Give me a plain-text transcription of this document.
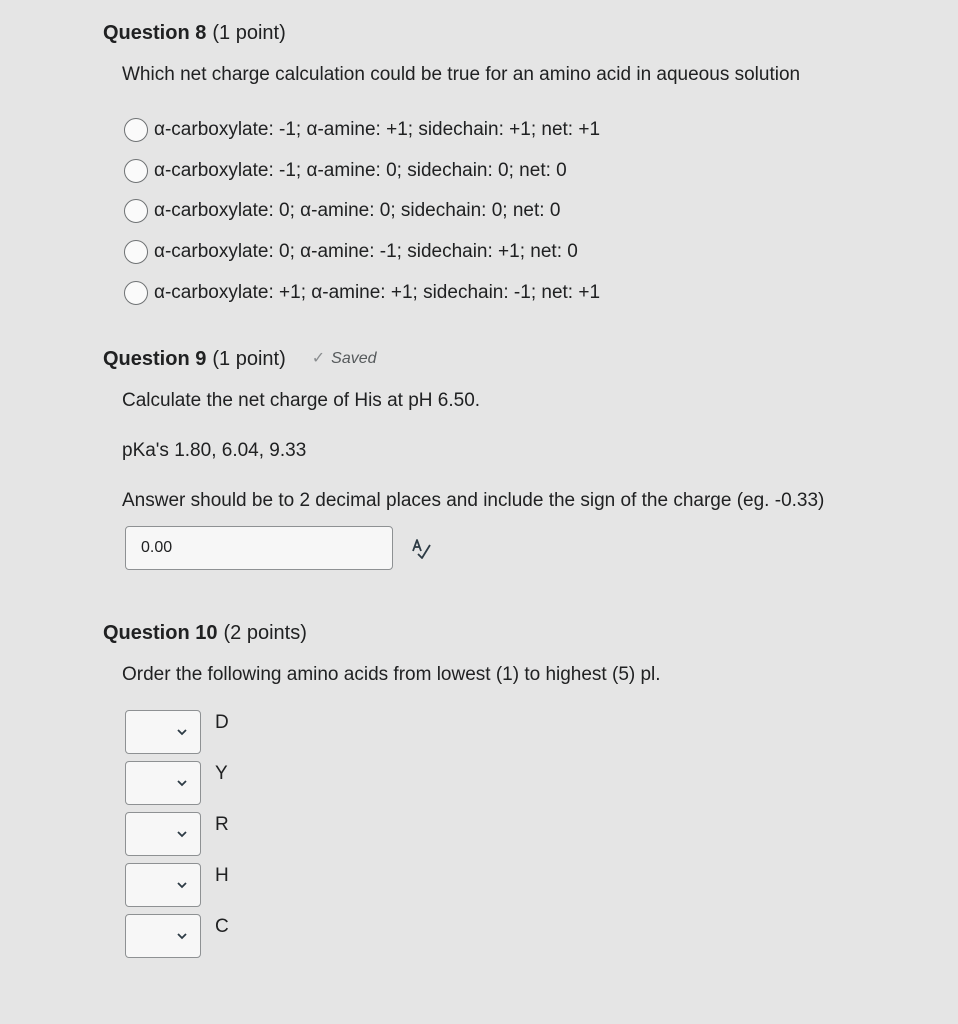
Question 8 (1 point)
Which net charge calculation could be true for an amino acid in aqueous solution
α-carboxylate: -1; α-amine: +1; sidechain: +1; net: +1
α-carboxylate: -1; α-amine: 0; sidechain: 0; net: 0
α-carboxylate: 0; α-amine: 0; sidechain: 0; net: 0
α-carboxylate: 0; α-amine: -1; sidechain: +1; net: 0
α-carboxylate: +1; α-amine: +1; sidechain: -1; net: +1
Question 9 (1 point) ✓ Saved
Calculate the net charge of His at pH 6.50.
pKa's 1.80, 6.04, 9.33
Answer should be to 2 decimal places and include the sign of the charge (eg. -0.33)
0.00
Question 10 (2 points)
Order the following amino acids from lowest (1) to highest (5) pl.
D
Y
R
H
C
